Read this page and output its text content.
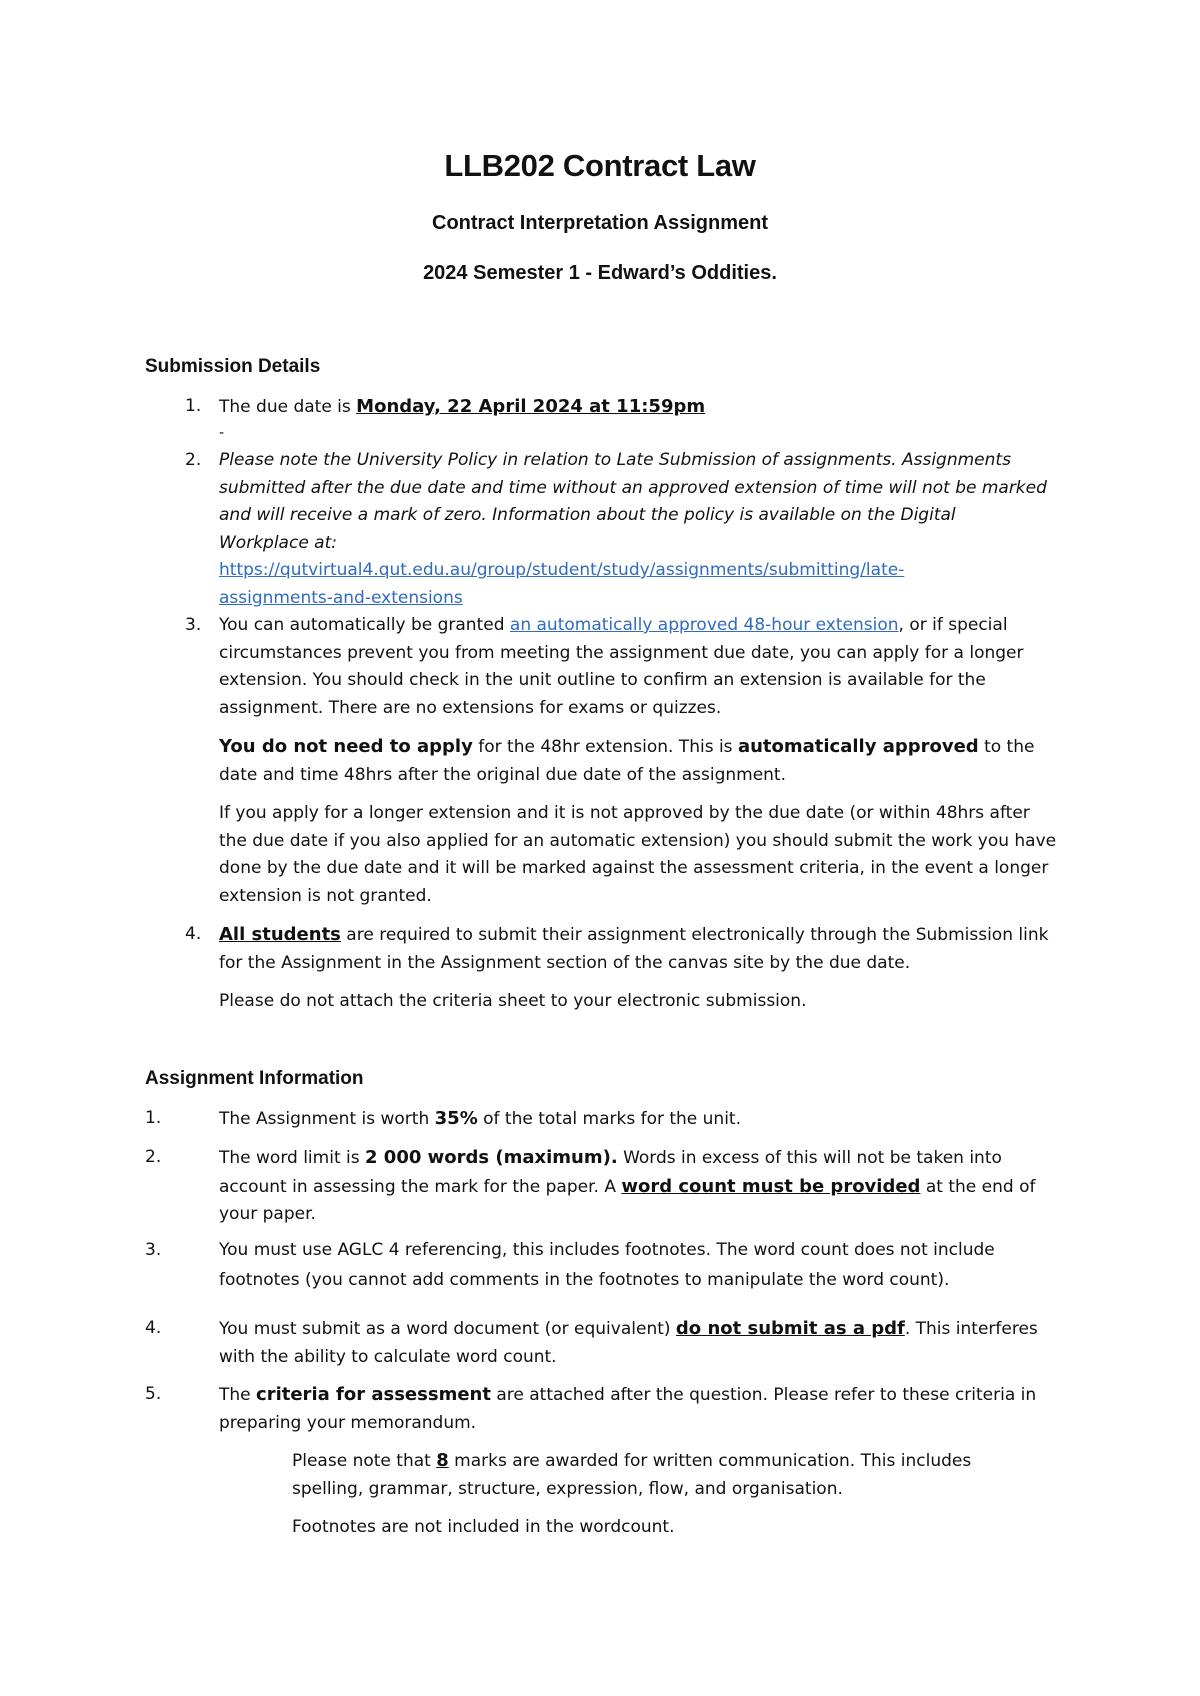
LLB202 Contract Law
Contract Interpretation Assignment
2024 Semester 1 - Edward’s Oddities.
Submission Details
1. The due date is Monday, 22 April 2024 at 11:59pm
-
2. Please note the University Policy in relation to Late Submission of assignments. Assignments submitted after the due date and time without an approved extension of time will not be marked and will receive a mark of zero. Information about the policy is available on the Digital Workplace at:
https://qutvirtual4.qut.edu.au/group/student/study/assignments/submitting/late-
assignments-and-extensions
3. You can automatically be granted an automatically approved 48-hour extension, or if special circumstances prevent you from meeting the assignment due date, you can apply for a longer extension. You should check in the unit outline to confirm an extension is available for the assignment. There are no extensions for exams or quizzes.
You do not need to apply for the 48hr extension. This is automatically approved to the date and time 48hrs after the original due date of the assignment.
If you apply for a longer extension and it is not approved by the due date (or within 48hrs after the due date if you also applied for an automatic extension) you should submit the work you have done by the due date and it will be marked against the assessment criteria, in the event a longer extension is not granted.
4. All students are required to submit their assignment electronically through the Submission link for the Assignment in the Assignment section of the canvas site by the due date.
Please do not attach the criteria sheet to your electronic submission.
Assignment Information
1.	The Assignment is worth 35% of the total marks for the unit.
2.	The word limit is 2 000 words (maximum). Words in excess of this will not be taken into account in assessing the mark for the paper. A word count must be provided at the end of your paper.
3.	You must use AGLC 4 referencing, this includes footnotes. The word count does not include
footnotes (you cannot add comments in the footnotes to manipulate the word count).
4.	You must submit as a word document (or equivalent) do not submit as a pdf. This interferes with the ability to calculate word count.
5.	The criteria for assessment are attached after the question. Please refer to these criteria in preparing your memorandum.
Please note that 8 marks are awarded for written communication. This includes spelling, grammar, structure, expression, flow, and organisation.
Footnotes are not included in the wordcount.
